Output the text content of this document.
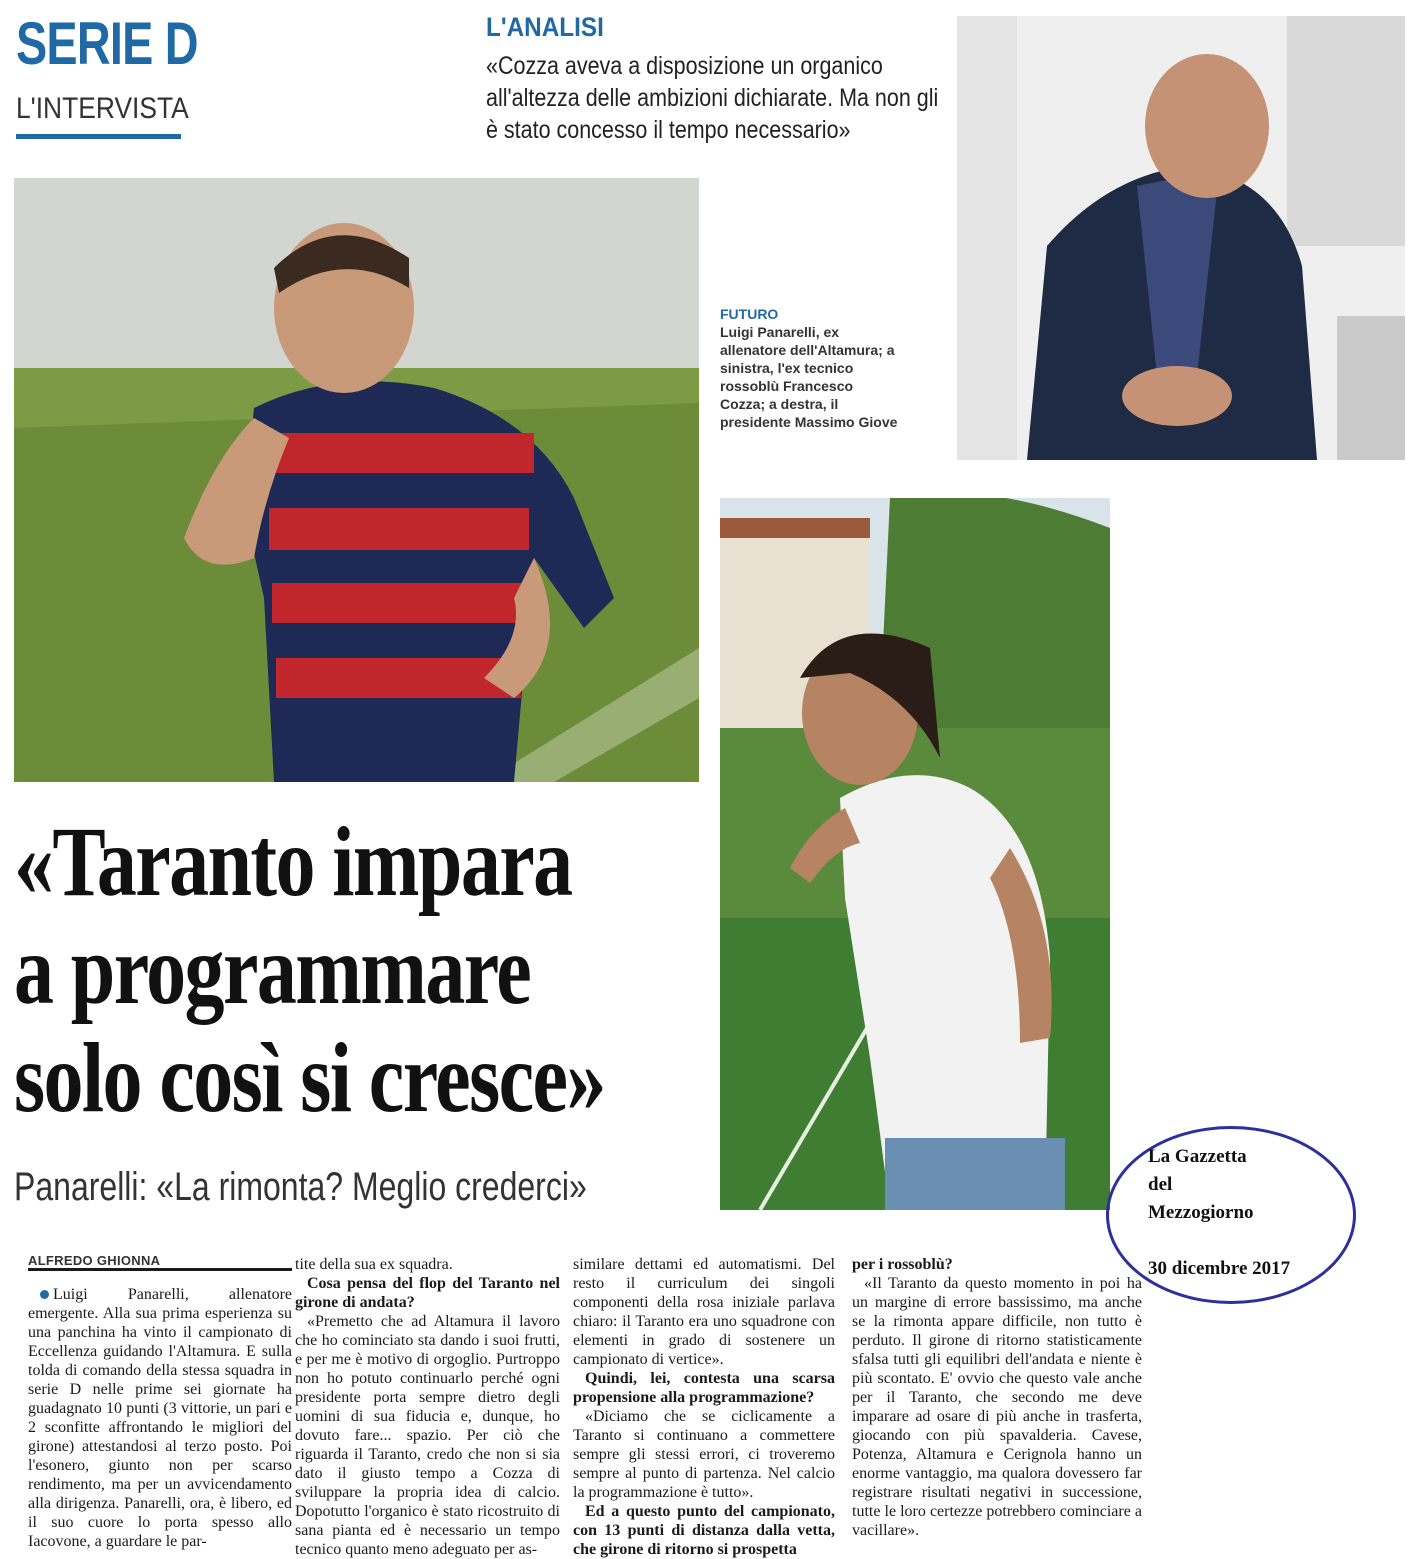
SERIE D
L'INTERVISTA
L'ANALISI
«Cozza aveva a disposizione un organico all'altezza delle ambizioni dichiarate. Ma non gli è stato concesso il tempo necessario»
FUTURO
Luigi Panarelli, ex allenatore dell'Altamura; a sinistra, l'ex tecnico rossoblù Francesco Cozza; a destra, il presidente Massimo Giove
«Taranto impara
a programmare
solo così si cresce»
Panarelli: «La rimonta? Meglio crederci»
ALFREDO GHIONNA

Luigi Panarelli, allenatore emergente. Alla sua prima esperienza su una panchina ha vinto il campionato di Eccellenza guidando l'Altamura. E sulla tolda di comando della stessa squadra in serie D nelle prime sei giornate ha guadagnato 10 punti (3 vittorie, un pari e 2 sconfitte affrontando le migliori del girone) attestandosi al terzo posto. Poi l'esonero, giunto non per scarso rendimento, ma per un avvicendamento alla dirigenza. Panarelli, ora, è libero, ed il suo cuore lo porta spesso allo Iacovone, a guardare le par-

tite della sua ex squadra.

Cosa pensa del flop del Taranto nel girone di andata?

«Premetto che ad Altamura il lavoro che ho cominciato sta dando i suoi frutti, e per me è motivo di orgoglio. Purtroppo non ho potuto continuarlo perché ogni presidente porta sempre dietro degli uomini di sua fiducia e, dunque, ho dovuto fare... spazio. Per ciò che riguarda il Taranto, credo che non si sia dato il giusto tempo a Cozza di sviluppare la propria idea di calcio. Dopotutto l'organico è stato ricostruito di sana pianta ed è necessario un tempo tecnico quanto meno adeguato per as-

similare dettami ed automatismi. Del resto il curriculum dei singoli componenti della rosa iniziale parlava chiaro: il Taranto era uno squadrone con elementi in grado di sostenere un campionato di vertice».

Quindi, lei, contesta una scarsa propensione alla programmazione?

«Diciamo che se ciclicamente a Taranto si continuano a commettere sempre gli stessi errori, ci troveremo sempre al punto di partenza. Nel calcio la programmazione è tutto».

Ed a questo punto del campionato, con 13 punti di distanza dalla vetta, che girone di ritorno si prospetta
per i rossoblù?

«Il Taranto da questo momento in poi ha un margine di errore bassissimo, ma anche se la rimonta appare difficile, non tutto è perduto. Il girone di ritorno statisticamente sfalsa tutti gli equilibri dell'andata e niente è più scontato. E' ovvio che questo vale anche per il Taranto, che secondo me deve imparare ad osare di più anche in trasferta, giocando con più spavalderia. Cavese, Potenza, Altamura e Cerignola hanno un enorme vantaggio, ma qualora dovessero far registrare risultati negativi in successione, tutte le loro certezze potrebbero cominciare a vacillare».

La Gazzetta
del
Mezzogiorno
30 dicembre 2017
